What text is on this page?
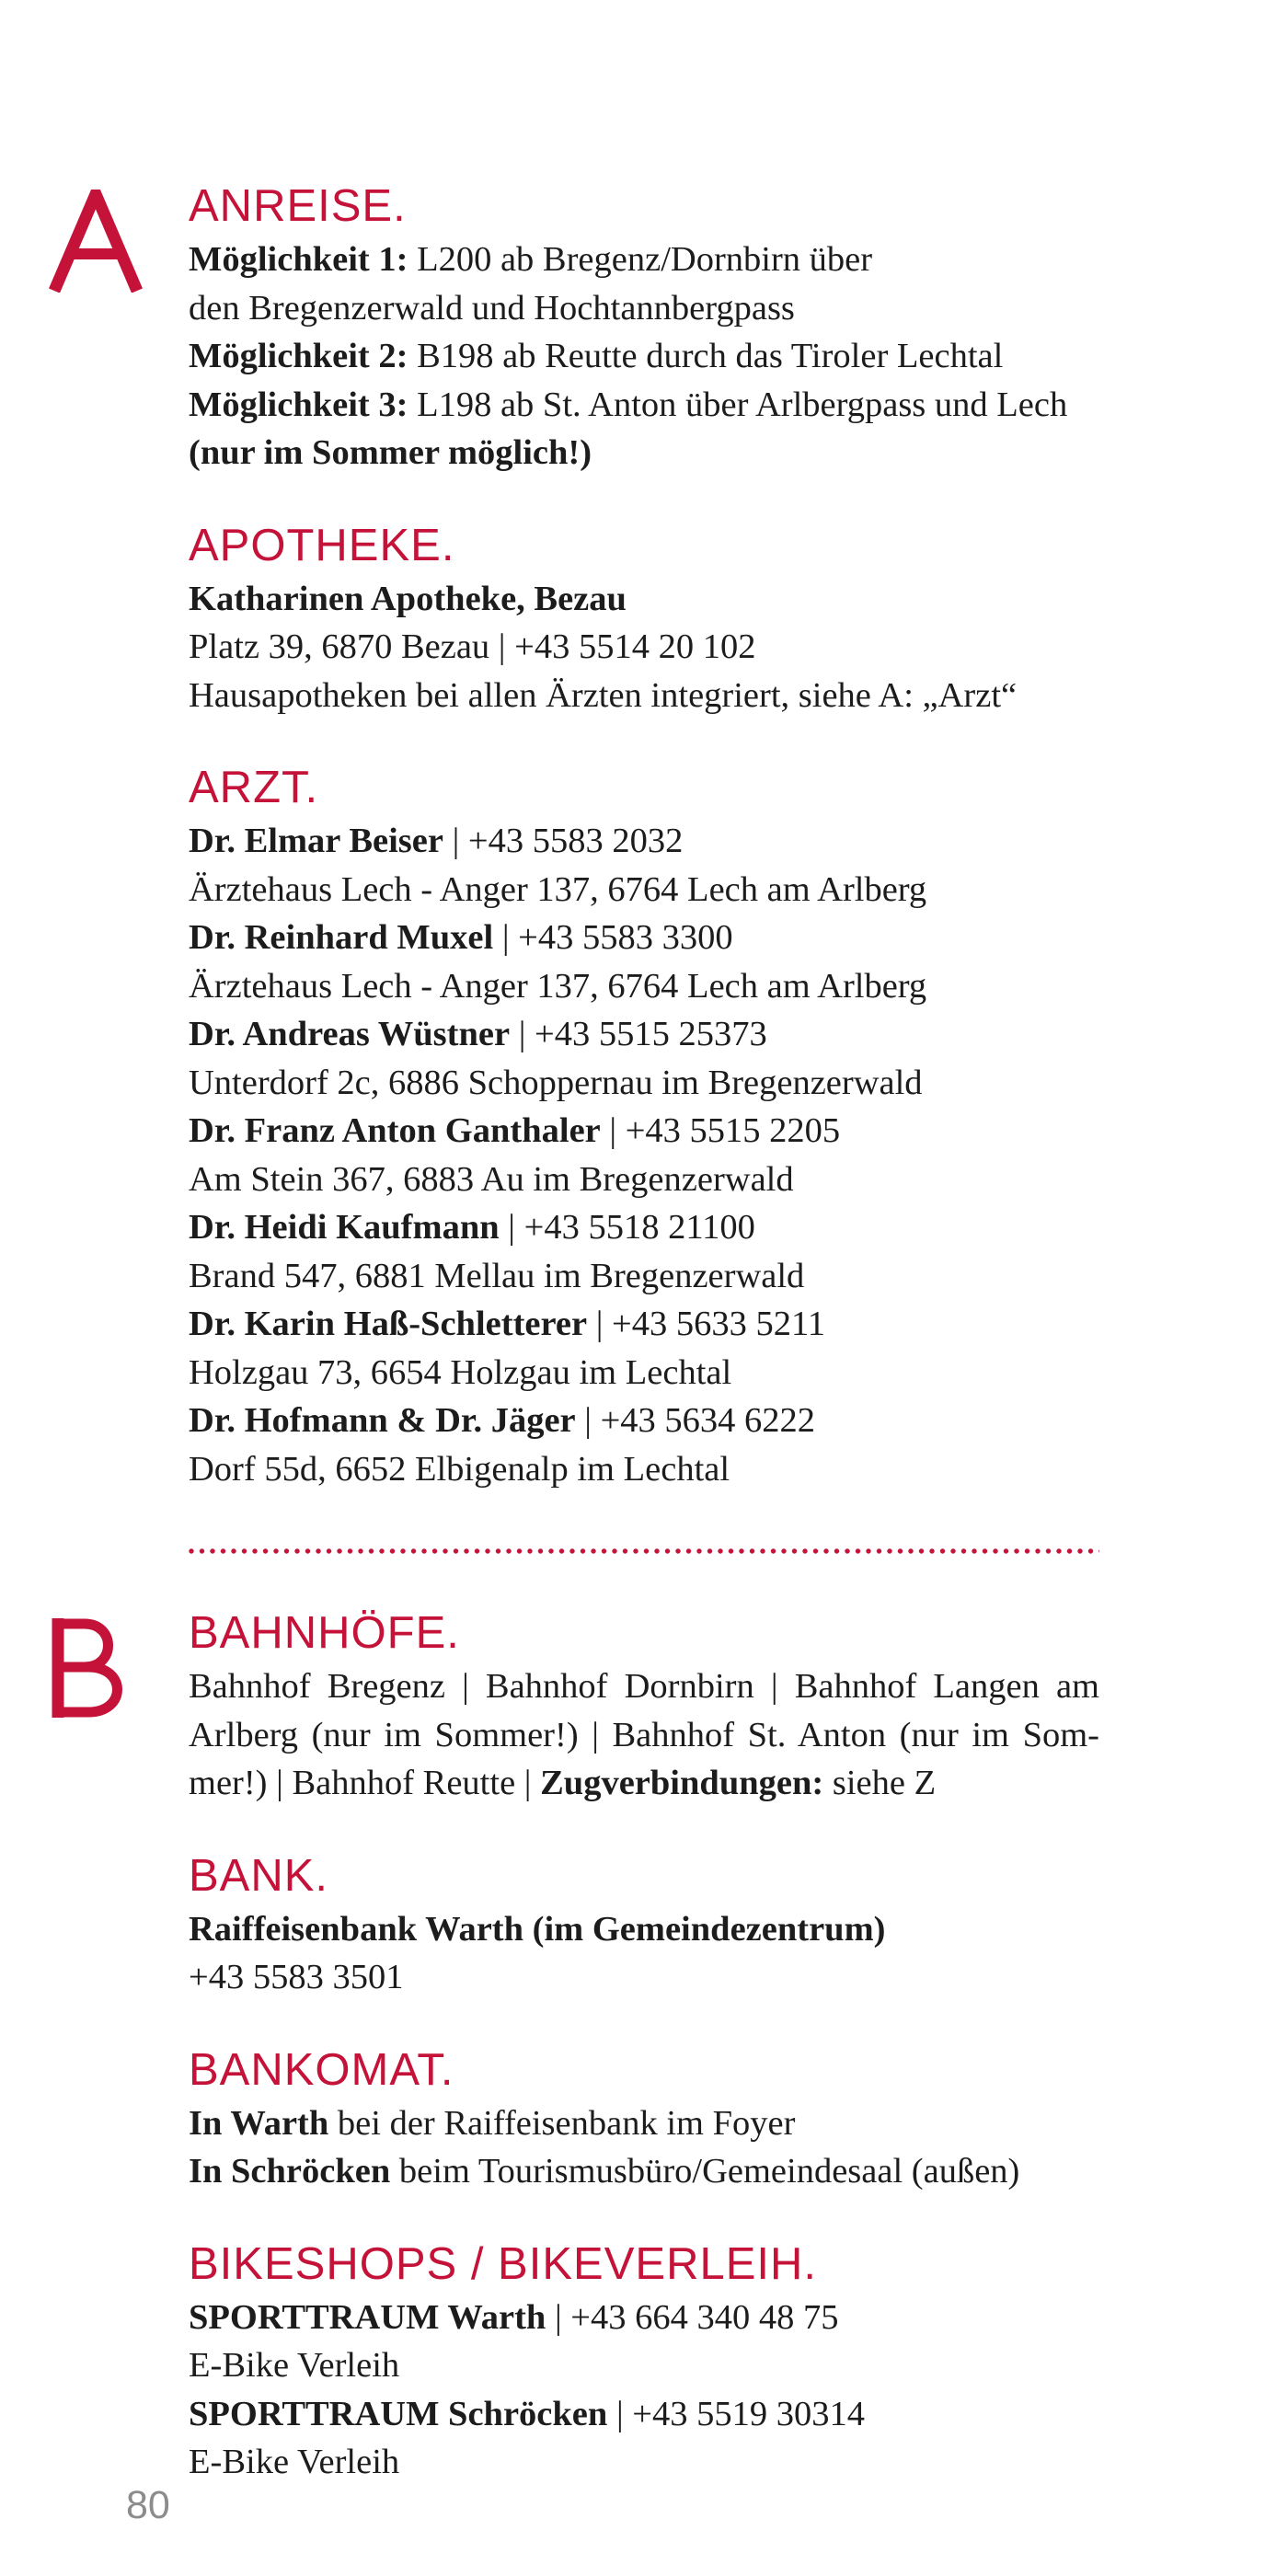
ANREISE.
Möglichkeit 1: L200 ab Bregenz/Dornbirn über
den Bregenzerwald und Hochtannbergpass
Möglichkeit 2: B198 ab Reutte durch das Tiroler Lechtal
Möglichkeit 3: L198 ab St. Anton über Arlbergpass und Lech
(nur im Sommer möglich!)
APOTHEKE.
Katharinen Apotheke, Bezau
Platz 39, 6870 Bezau | +43 5514 20 102
Hausapotheken bei allen Ärzten integriert, siehe A: „Arzt“
ARZT.
Dr. Elmar Beiser | +43 5583 2032
Ärztehaus Lech - Anger 137, 6764 Lech am Arlberg
Dr. Reinhard Muxel | +43 5583 3300
Ärztehaus Lech - Anger 137, 6764 Lech am Arlberg
Dr. Andreas Wüstner | +43 5515 25373
Unterdorf 2c, 6886 Schoppernau im Bregenzerwald
Dr. Franz Anton Ganthaler | +43 5515 2205
Am Stein 367, 6883 Au im Bregenzerwald
Dr. Heidi Kaufmann | +43 5518 21100
Brand 547, 6881 Mellau im Bregenzerwald
Dr. Karin Haß-Schletterer | +43 5633 5211
Holzgau 73, 6654 Holzgau im Lechtal
Dr. Hofmann & Dr. Jäger | +43 5634 6222
Dorf 55d, 6652 Elbigenalp im Lechtal
BAHNHÖFE.
Bahnhof Bregenz | Bahnhof Dornbirn | Bahnhof Langen am
Arlberg (nur im Sommer!) | Bahnhof St. Anton (nur im Som-
mer!) | Bahnhof Reutte | Zugverbindungen: siehe Z
BANK.
Raiffeisenbank Warth (im Gemeindezentrum)
+43 5583 3501
BANKOMAT.
In Warth bei der Raiffeisenbank im Foyer
In Schröcken beim Tourismusbüro/Gemeindesaal (außen)
BIKESHOPS / BIKEVERLEIH.
SPORTTRAUM Warth | +43 664 340 48 75
E-Bike Verleih
SPORTTRAUM Schröcken | +43 5519 30314
E-Bike Verleih
80
